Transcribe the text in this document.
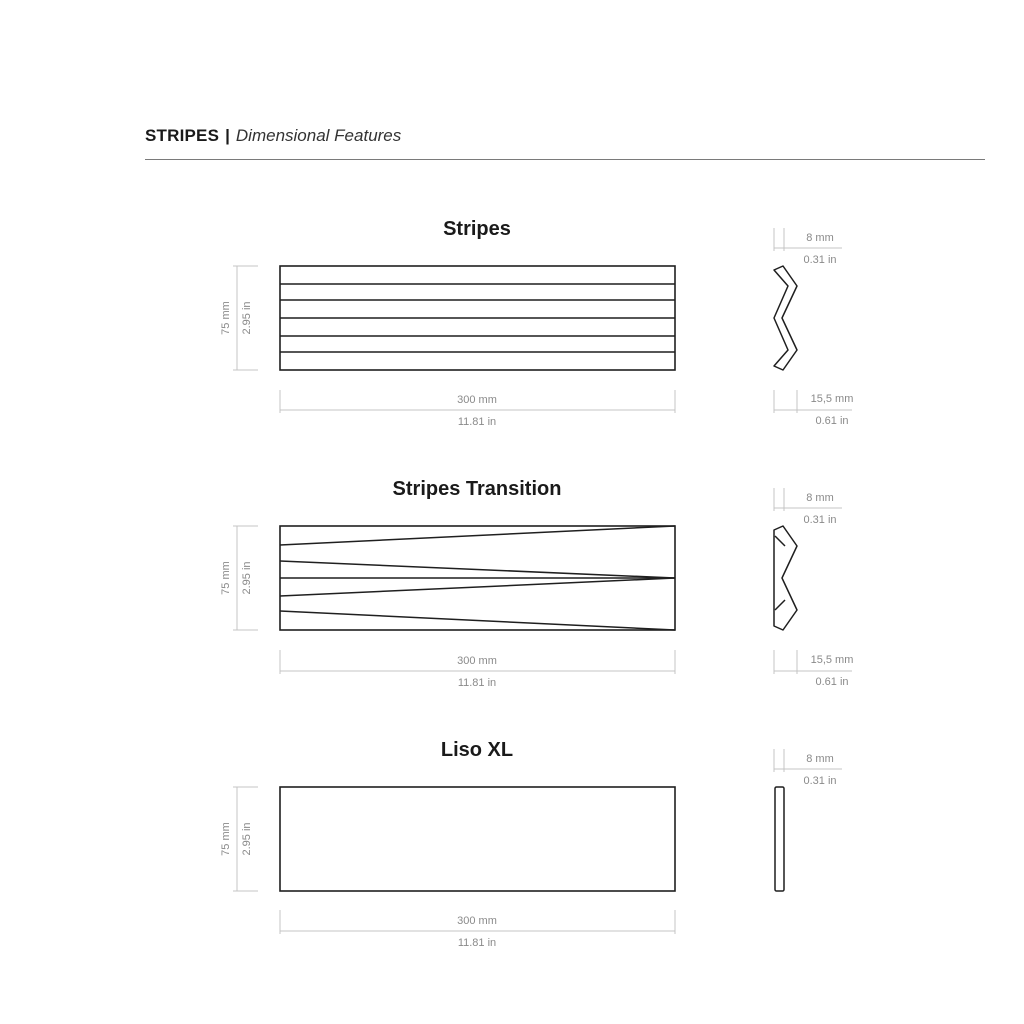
STRIPES | Dimensional Features
Stripes
75 mm 2.95 in
300 mm
11.81 in
8 mm
0.31 in
15,5 mm
0.61 in
Stripes Transition
75 mm 2.95 in
300 mm
11.81 in
8 mm
0.31 in
15,5 mm
0.61 in
Liso XL
75 mm 2.95 in
300 mm
11.81 in
8 mm
0.31 in
